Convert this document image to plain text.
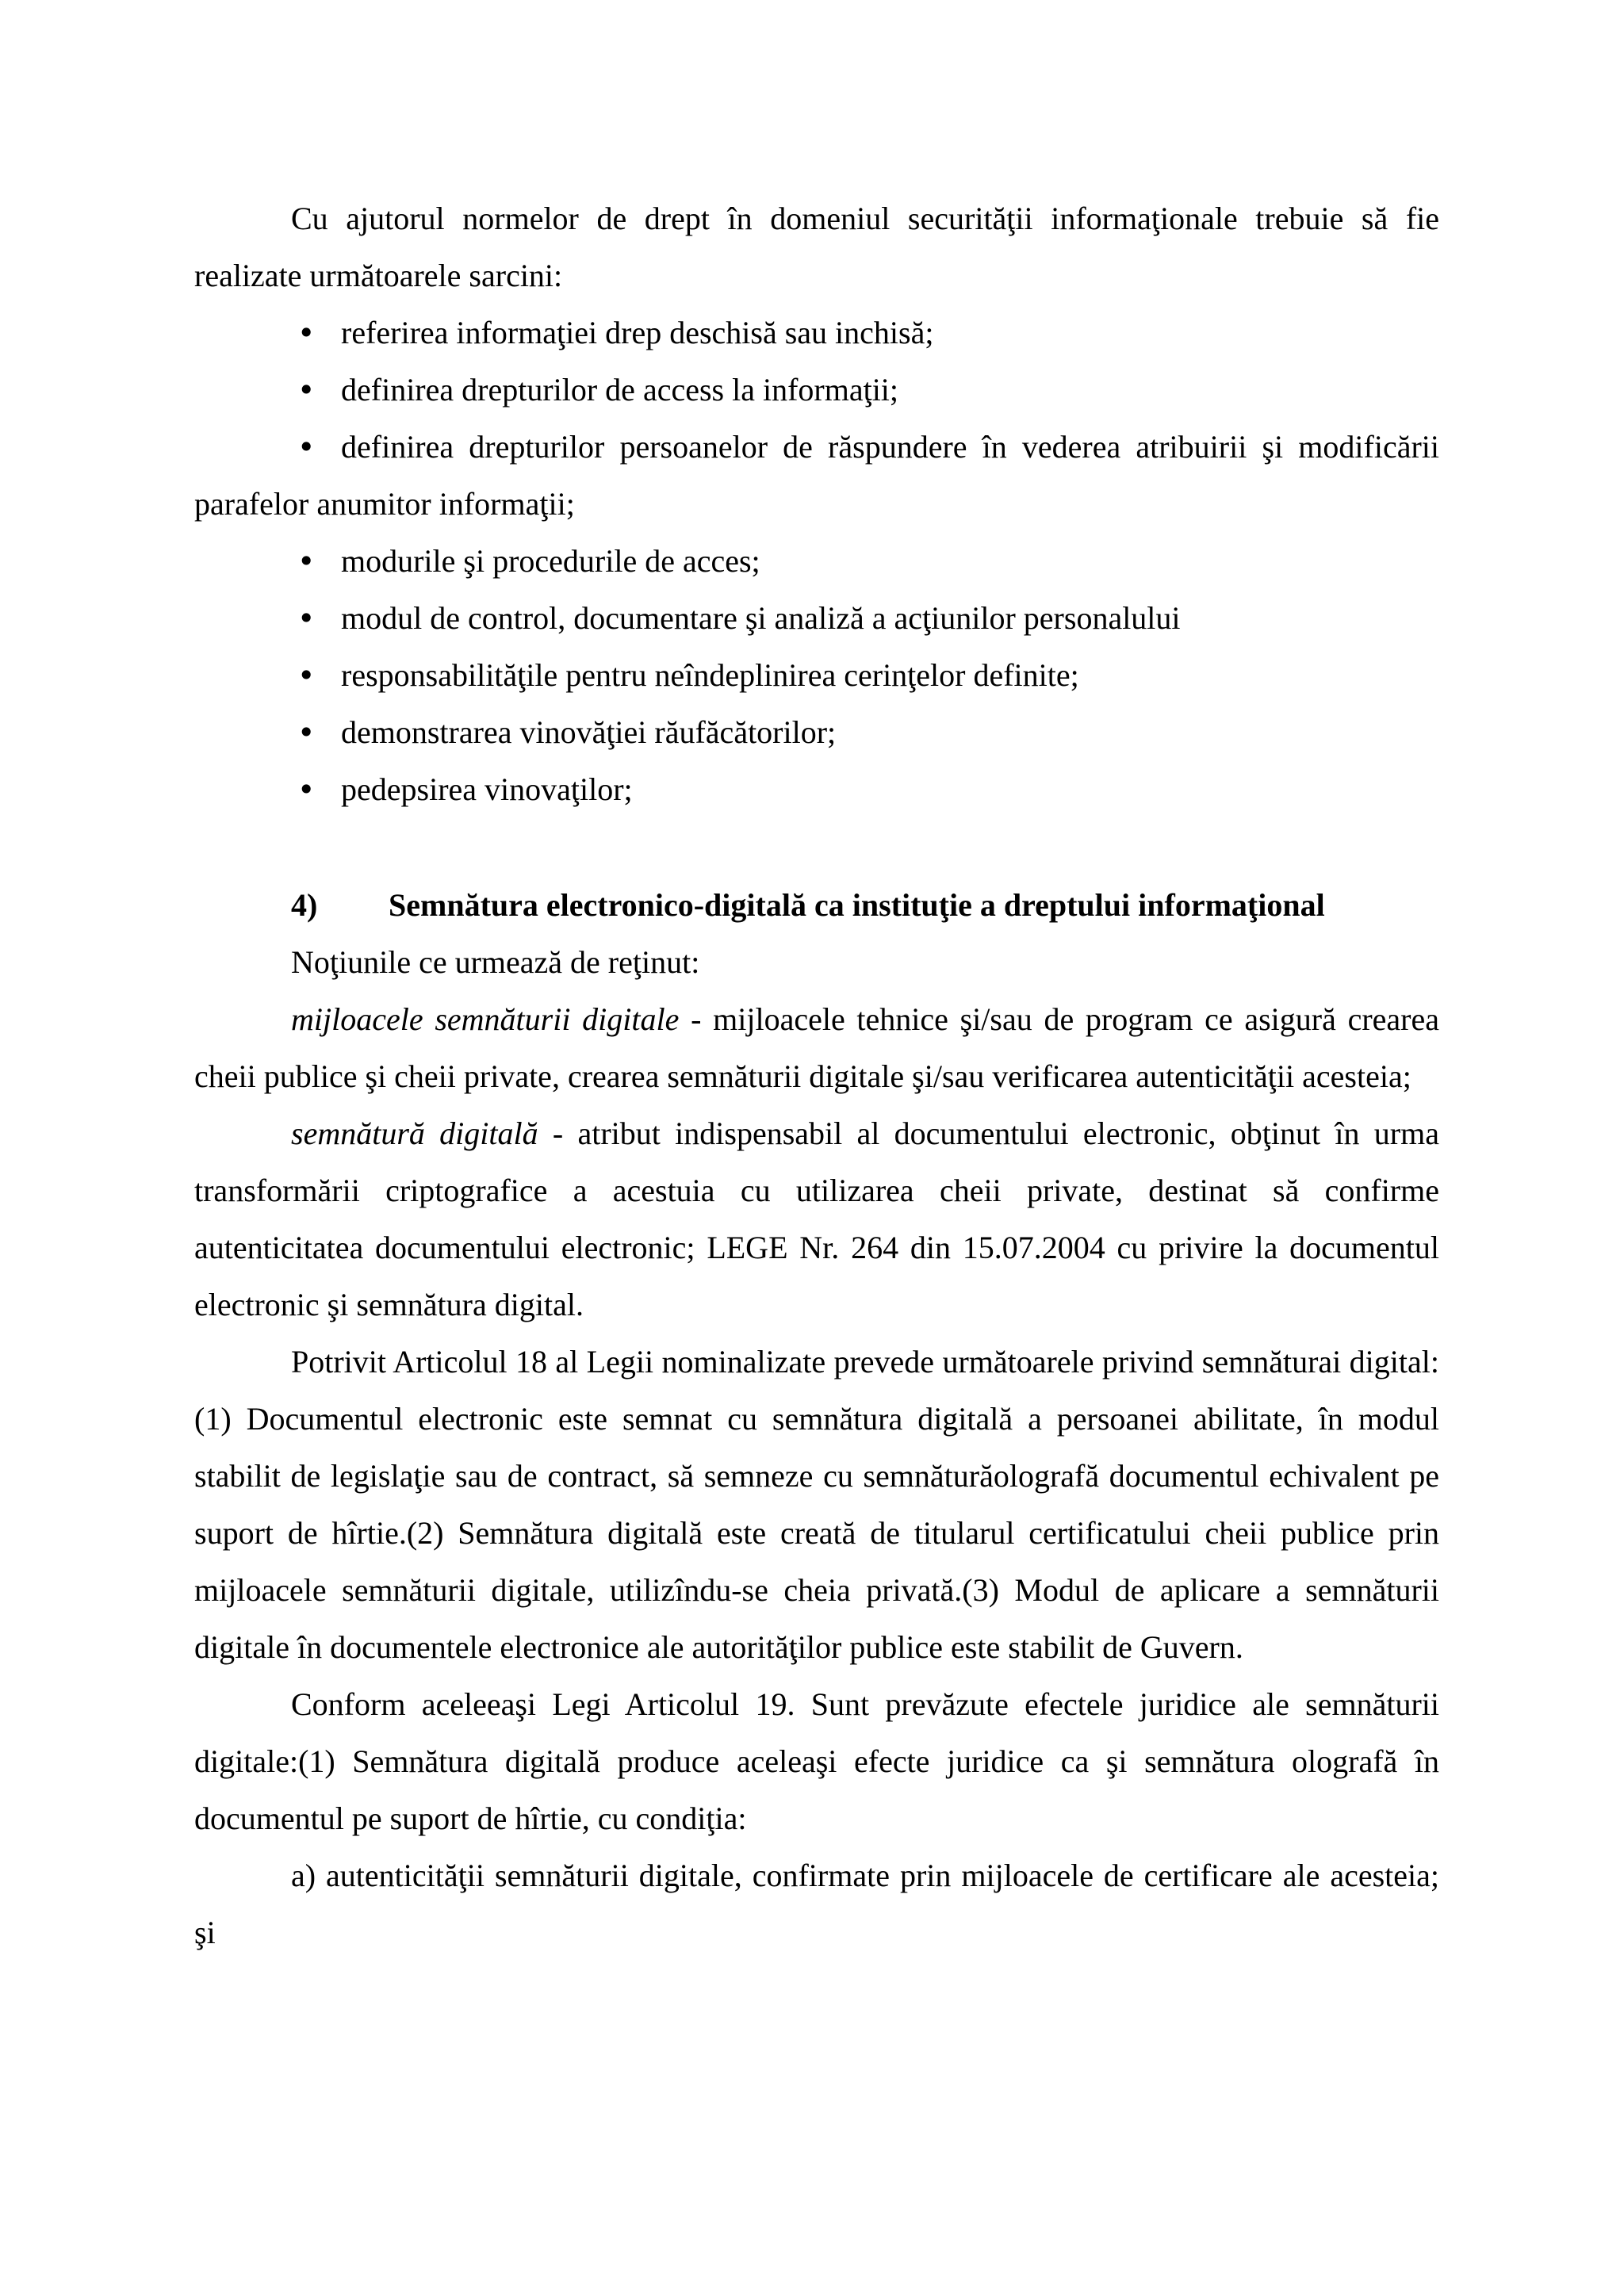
Cu ajutorul normelor de drept în domeniul securităţii informaţionale trebuie să fie realizate următoarele sarcini:

referirea informaţiei drep deschisă sau inchisă;
definirea drepturilor de access la informaţii;
definirea drepturilor persoanelor de răspundere în vederea atribuirii şi modificării parafelor anumitor informaţii;
modurile şi procedurile de acces;
modul de control, documentare şi analiză a acţiunilor personalului
responsabilităţile pentru neîndeplinirea cerinţelor definite;
demonstrarea vinovăţiei răufăcătorilor;
pedepsirea vinovaţilor;

4) Semnătura electronico-digitală ca instituţie a dreptului informaţional

Noţiunile ce urmează de reţinut:

mijloacele semnăturii digitale - mijloacele tehnice şi/sau de program ce asigură crearea cheii publice şi cheii private, crearea semnăturii digitale şi/sau verificarea autenticităţii acesteia;

semnătură digitală - atribut indispensabil al documentului electronic, obţinut în urma transformării criptografice a acestuia cu utilizarea cheii private, destinat să confirme autenticitatea documentului electronic; LEGE Nr. 264 din 15.07.2004 cu privire la documentul electronic şi semnătura digital.

Potrivit Articolul 18 al Legii nominalizate prevede următoarele privind semnăturai digital:(1) Documentul electronic este semnat cu semnătura digitală a persoanei abilitate, în modul stabilit de legislaţie sau de contract, să semneze cu semnăturăolografă documentul echivalent pe suport de hîrtie.(2) Semnătura digitală este creată de titularul certificatului cheii publice prin mijloacele semnăturii digitale, utilizîndu-se cheia privată.(3) Modul de aplicare a semnăturii digitale în documentele electronice ale autorităţilor publice este stabilit de Guvern.

Conform aceleeaşi Legi Articolul 19. Sunt prevăzute efectele juridice ale semnăturii digitale:(1) Semnătura digitală produce aceleaşi efecte juridice ca şi semnătura olografă în documentul pe suport de hîrtie, cu condiţia:

a) autenticităţii semnăturii digitale, confirmate prin mijloacele de certificare ale acesteia; şi
